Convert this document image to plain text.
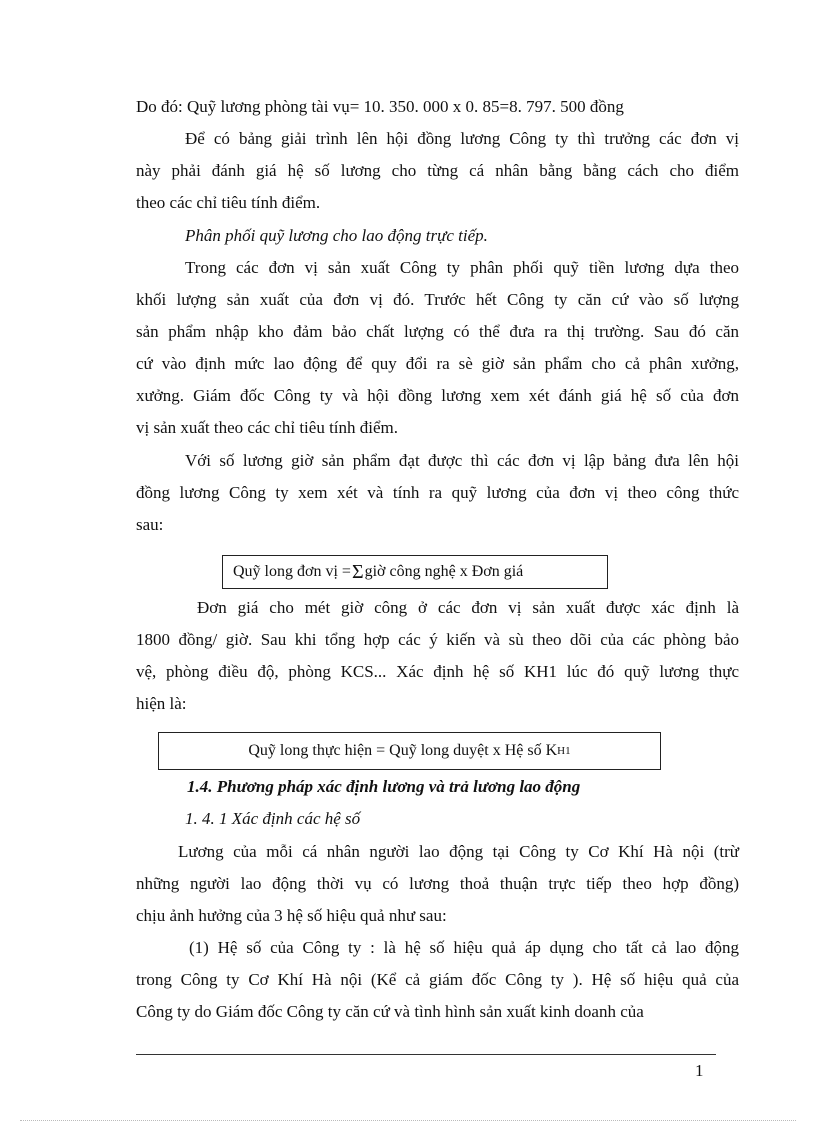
Do đó: Quỹ lương phòng tài vụ= 10. 350. 000 x 0. 85=8. 797. 500 đồng
Để có bảng giải trình lên hội đồng lương Công ty thì trưởng các đơn vị
này phải đánh giá hệ số lương cho từng cá nhân bằng bằng cách cho điểm
theo các chỉ tiêu tính điểm.
Phân phối quỹ lương cho lao động trực tiếp.
Trong các đơn vị sản xuất Công ty phân phối quỹ tiền lương dựa theo
khối lượng sản xuất của đơn vị đó. Trước hết Công ty căn cứ vào số lượng
sản phẩm nhập kho đảm bảo chất lượng có thể đưa ra thị trường. Sau đó căn
cứ vào định mức lao động để quy đổi ra sè giờ sản phẩm cho cả phân xưởng,
xưởng. Giám đốc Công ty và hội đồng lương xem xét đánh giá hệ số của đơn
vị sản xuất theo các chỉ tiêu tính điểm.
Với số lương giờ sản phẩm đạt được thì các đơn vị lập bảng đưa lên hội
đồng lương Công ty xem xét và tính ra quỹ lương của đơn vị theo công thức
sau:
Quỹ long đơn vị = Σ giờ công nghệ x Đơn giá
Đơn giá cho mét giờ công ở các đơn vị sản xuất được xác định là
1800 đồng/ giờ. Sau khi tổng hợp các ý kiến và sù theo dõi của các phòng bảo
vệ, phòng điều độ, phòng KCS... Xác định hệ số KH1 lúc đó quỹ lương thực
hiện là:
Quỹ long thực hiện = Quỹ long duyệt x Hệ số K H1
1.4. Phương pháp xác định lương và trả lương lao động
1. 4. 1 Xác định các hệ số
Lương của mỗi cá nhân người lao động tại Công ty Cơ Khí Hà nội (trừ
những người lao động thời vụ có lương thoả thuận trực tiếp theo hợp đồng)
chịu ảnh hưởng của 3 hệ số hiệu quả như sau:
(1) Hệ số của Công ty : là hệ số hiệu quả áp dụng cho tất cả lao động
trong Công ty Cơ Khí Hà nội (Kể cả giám đốc Công ty ). Hệ số hiệu quả của
Công ty do Giám đốc Công ty căn cứ và tình hình sản xuất kinh doanh của
1
